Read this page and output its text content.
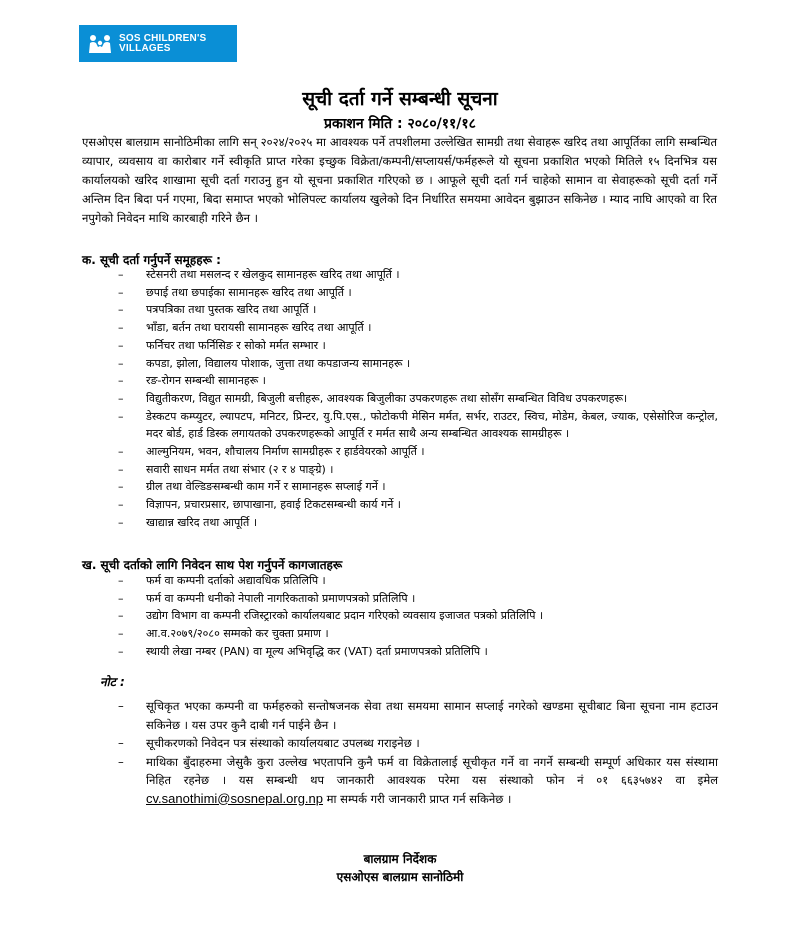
SOS CHILDREN'S
VILLAGES
सूची दर्ता गर्ने सम्बन्धी सूचना
प्रकाशन मिति : २०८०/११/१८

एसओएस बालग्राम सानोठिमीका लागि सन् २०२४/२०२५ मा आवश्यक पर्ने तपशीलमा उल्लेखित सामग्री तथा सेवाहरू खरिद तथा आपूर्तिका लागि सम्बन्धित व्यापार, व्यवसाय वा कारोबार गर्ने स्वीकृति प्राप्त गरेका इच्छुक विक्रेता/कम्पनी/सप्लायर्स/फर्महरूले यो सूचना प्रकाशित भएको मितिले १५ दिनभित्र यस कार्यालयको खरिद शाखामा सूची दर्ता गराउनु हुन यो सूचना प्रकाशित गरिएको छ । आफूले सूची दर्ता गर्न चाहेको सामान वा सेवाहरूको सूची दर्ता गर्ने अन्तिम दिन बिदा पर्न गएमा, बिदा समाप्त भएको भोलिपल्ट कार्यालय खुलेको दिन निर्धारित समयमा आवेदन बुझाउन सकिनेछ । म्याद नाघि आएको वा रित नपुगेको निवेदन माथि कारबाही गरिने छैन ।

क. सूची दर्ता गर्नुपर्ने समूहहरू :

– स्टेसनरी तथा मसलन्द र खेलकुद सामानहरू खरिद तथा आपूर्ति ।
– छपाई तथा छपाईका सामानहरू खरिद तथा आपूर्ति ।
– पत्रपत्रिका तथा पुस्तक खरिद तथा आपूर्ति ।
– भाँडा, बर्तन तथा घरायसी सामानहरू खरिद तथा आपूर्ति ।
– फर्निचर तथा फर्निसिङ र सोको मर्मत सम्भार ।
– कपडा, झोला, विद्यालय पोशाक, जुत्ता तथा कपडाजन्य सामानहरू ।
– रङ-रोगन सम्बन्धी सामानहरू ।
– विद्युतीकरण, विद्युत सामग्री, बिजुली बत्तीहरू, आवश्यक बिजुलीका उपकरणहरू तथा सोसँग सम्बन्धित विविध उपकरणहरू।
– डेस्कटप कम्प्युटर, ल्यापटप, मनिटर, प्रिन्टर, यु.पि.एस., फोटोकपी मेसिन मर्मत, सर्भर, राउटर, स्विच, मोडेम, केबल, ज्याक, एसेसोरिज कन्ट्रोल, मदर बोर्ड, हार्ड डिस्क लगायतको उपकरणहरूको आपूर्ति र मर्मत साथै अन्य सम्बन्धित आवश्यक सामग्रीहरू ।
– आल्मुनियम, भवन, शौचालय निर्माण सामग्रीहरू र हार्डवेयरको आपूर्ति ।
– सवारी साधन मर्मत तथा संभार (२ र ४ पाङ्ग्रे) ।
– ग्रील तथा वेल्डिङसम्बन्धी काम गर्ने र सामानहरू सप्लाई गर्ने ।
– विज्ञापन, प्रचारप्रसार, छापाखाना, हवाई टिकटसम्बन्धी कार्य गर्ने ।
– खाद्यान्न खरिद तथा आपूर्ति ।

ख. सूची दर्ताको लागि निवेदन साथ पेश गर्नुपर्ने कागजातहरू

– फर्म वा कम्पनी दर्ताको अद्यावधिक प्रतिलिपि ।
– फर्म वा कम्पनी धनीको नेपाली नागरिकताको प्रमाणपत्रको प्रतिलिपि ।
– उद्योग विभाग वा कम्पनी रजिस्ट्रारको कार्यालयबाट प्रदान गरिएको व्यवसाय इजाजत पत्रको प्रतिलिपि ।
– आ.व.२०७९/२०८० सम्मको कर चुक्ता प्रमाण ।
– स्थायी लेखा नम्बर (PAN) वा मूल्य अभिवृद्धि कर (VAT) दर्ता प्रमाणपत्रको प्रतिलिपि ।
नोट :
– सूचिकृत भएका कम्पनी वा फर्महरुको सन्तोषजनक सेवा तथा समयमा सामान सप्लाई नगरेको खण्डमा सूचीबाट बिना सूचना नाम हटाउन सकिनेछ । यस उपर कुनै दाबी गर्न पाईने छैन ।
– सूचीकरणको निवेदन पत्र संस्थाको कार्यालयबाट उपलब्ध गराइनेछ ।
– माथिका बुँदाहरुमा जेसुकै कुरा उल्लेख भएतापनि कुनै फर्म वा विक्रेतालाई सूचीकृत गर्ने वा नगर्ने सम्बन्धी सम्पूर्ण अधिकार यस संस्थामा निहित रहनेछ । यस सम्बन्धी थप जानकारी आवश्यक परेमा यस संस्थाको फोन नं ०१ ६६३५७४२ वा इमेल cv.sanothimi@sosnepal.org.np मा सम्पर्क गरी जानकारी प्राप्त गर्न सकिनेछ ।
बालग्राम निर्देशक
एसओएस बालग्राम सानोठिमी
